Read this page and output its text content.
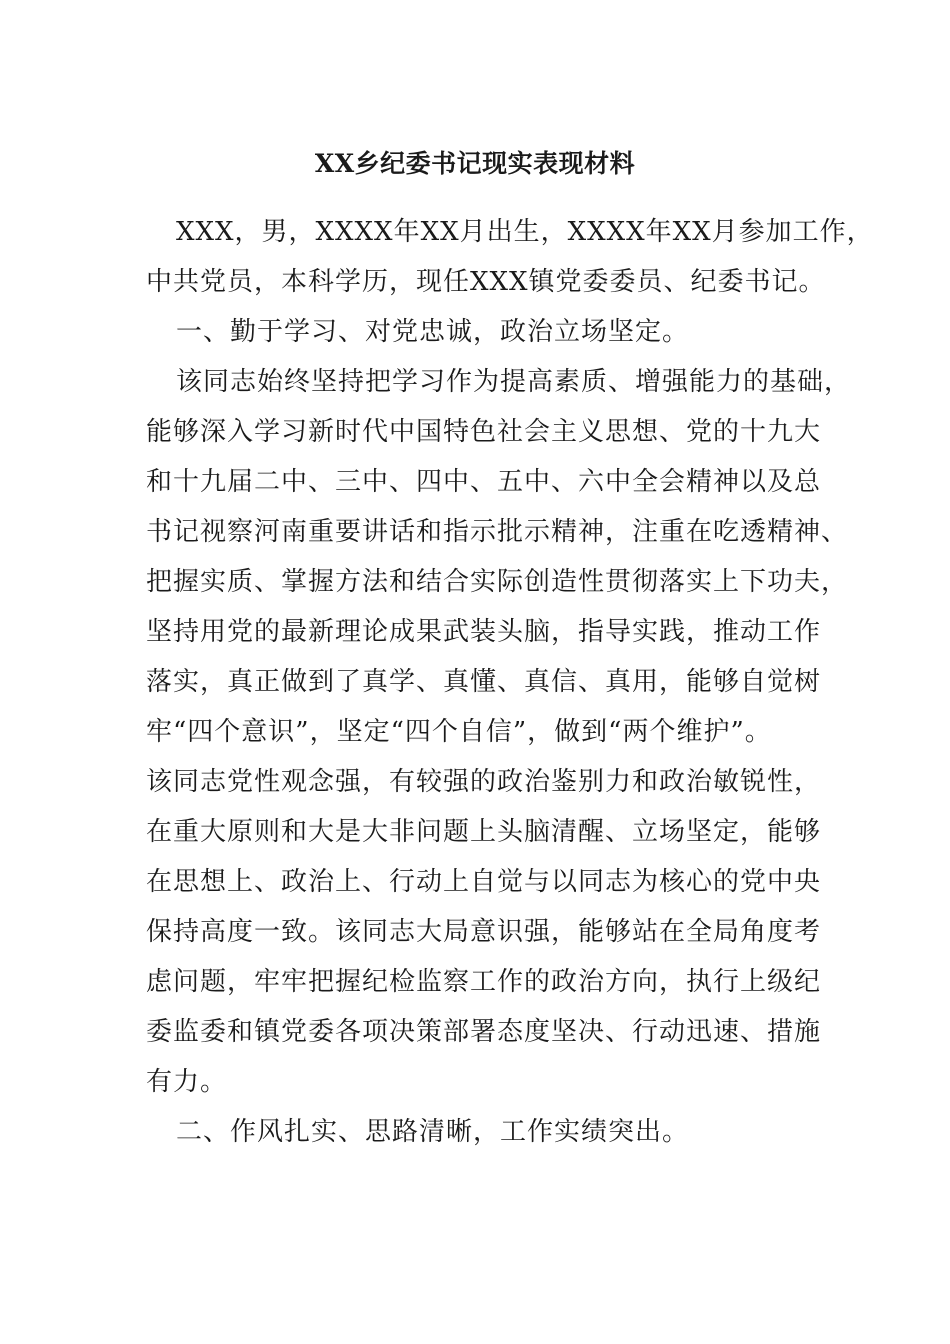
XX乡纪委书记现实表现材料

XXX，男，XXXX年XX月出生，XXXX年XX月参加工作，

中共党员，本科学历，现任XXX镇党委委员、纪委书记。

一、勤于学习、对党忠诚，政治立场坚定。

该同志始终坚持把学习作为提高素质、增强能力的基础，

能够深入学习新时代中国特色社会主义思想、党的十九大

和十九届二中、三中、四中、五中、六中全会精神以及总

书记视察河南重要讲话和指示批示精神，注重在吃透精神、

把握实质、掌握方法和结合实际创造性贯彻落实上下功夫，

坚持用党的最新理论成果武装头脑，指导实践，推动工作

落实，真正做到了真学、真懂、真信、真用，能够自觉树

牢“四个意识”，坚定“四个自信”，做到“两个维护”。

该同志党性观念强，有较强的政治鉴别力和政治敏锐性，

在重大原则和大是大非问题上头脑清醒、立场坚定，能够

在思想上、政治上、行动上自觉与以同志为核心的党中央

保持高度一致。该同志大局意识强，能够站在全局角度考

虑问题，牢牢把握纪检监察工作的政治方向，执行上级纪

委监委和镇党委各项决策部署态度坚决、行动迅速、措施

有力。

二、作风扎实、思路清晰，工作实绩突出。
